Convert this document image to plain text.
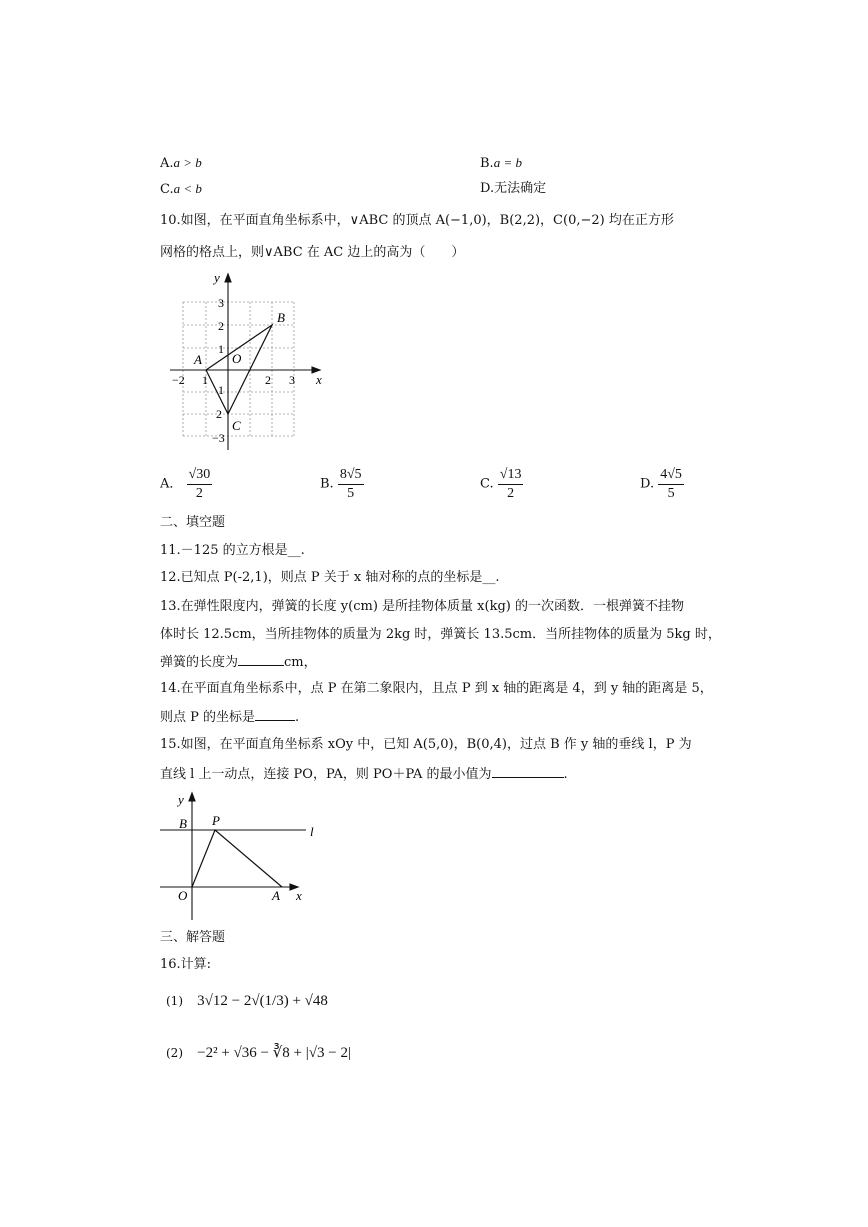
A.a > b	B.a = b
C.a < b	D.无法确定
10.如图，在平面直角坐标系中，∨ABC 的顶点 A(−1,0)，B(2,2)，C(0,−2) 均在正方形
网格的格点上，则∨ABC 在 AC 边上的高为（　　）
x
y
O
A
B
C
−2 1	2 3
3
2
1
1
2
−3
A． $\frac{√30}{2}$	B. $\frac{8√5}{5}$	C. $\frac{√13}{2}$	D. $\frac{4√5}{5}$
二、填空题
11.－125 的立方根是__.
12.已知点 P(-2,1)，则点 P 关于 x 轴对称的点的坐标是__.
13.在弹性限度内，弹簧的长度 y(cm) 是所挂物体质量 x(kg) 的一次函数．一根弹簧不挂物
体时长 12.5cm，当所挂物体的质量为 2kg 时，弹簧长 13.5cm．当所挂物体的质量为 5kg 时，
弹簧的长度为	cm，
14.在平面直角坐标系中，点 P 在第二象限内，且点 P 到 x 轴的距离是 4，到 y 轴的距离是 5，
则点 P 的坐标是	.
15.如图，在平面直角坐标系 xOy 中，已知 A(5,0)，B(0,4)，过点 B 作 y 轴的垂线 l，P 为
直线 l 上一动点，连接 PO，PA，则 PO＋PA 的最小值为	.
y
x
B P
l
O	A
三、解答题
16.计算:
(1) 3√12 − 2√(1/3) + √48
(2) −2² + √36 − ∛8 + |√3 − 2|
